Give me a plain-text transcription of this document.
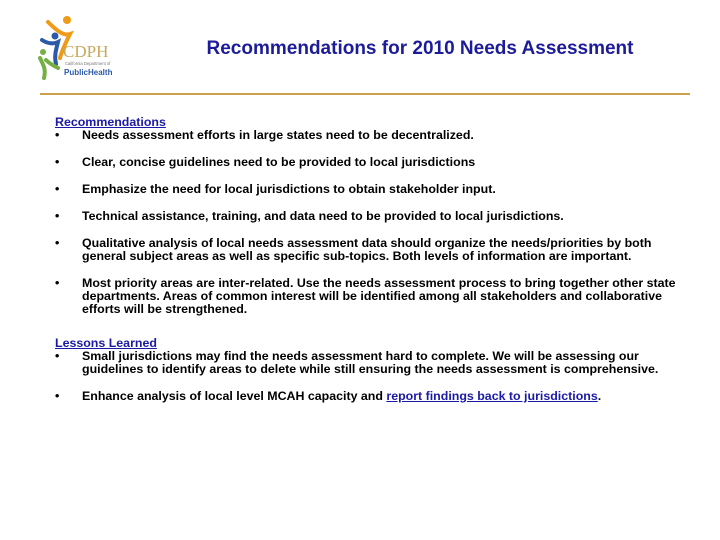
CDPH
California Department of
PublicHealth
Recommendations for 2010 Needs Assessment
Recommendations
• Needs assessment efforts in large states need to be decentralized.
• Clear, concise guidelines need to be provided to local jurisdictions
• Emphasize the need for local jurisdictions to obtain stakeholder input.
• Technical assistance, training, and data need to be provided to local jurisdictions.
• Qualitative analysis of local needs assessment data should organize the needs/priorities by both general subject areas as well as specific sub-topics. Both levels of information are important.
• Most priority areas are inter-related. Use the needs assessment process to bring together other state departments. Areas of common interest will be identified among all stakeholders and collaborative efforts will be strengthened.
Lessons Learned
• Small jurisdictions may find the needs assessment hard to complete. We will be assessing our guidelines to identify areas to delete while still ensuring the needs assessment is comprehensive.
• Enhance analysis of local level MCAH capacity and report findings back to jurisdictions.
